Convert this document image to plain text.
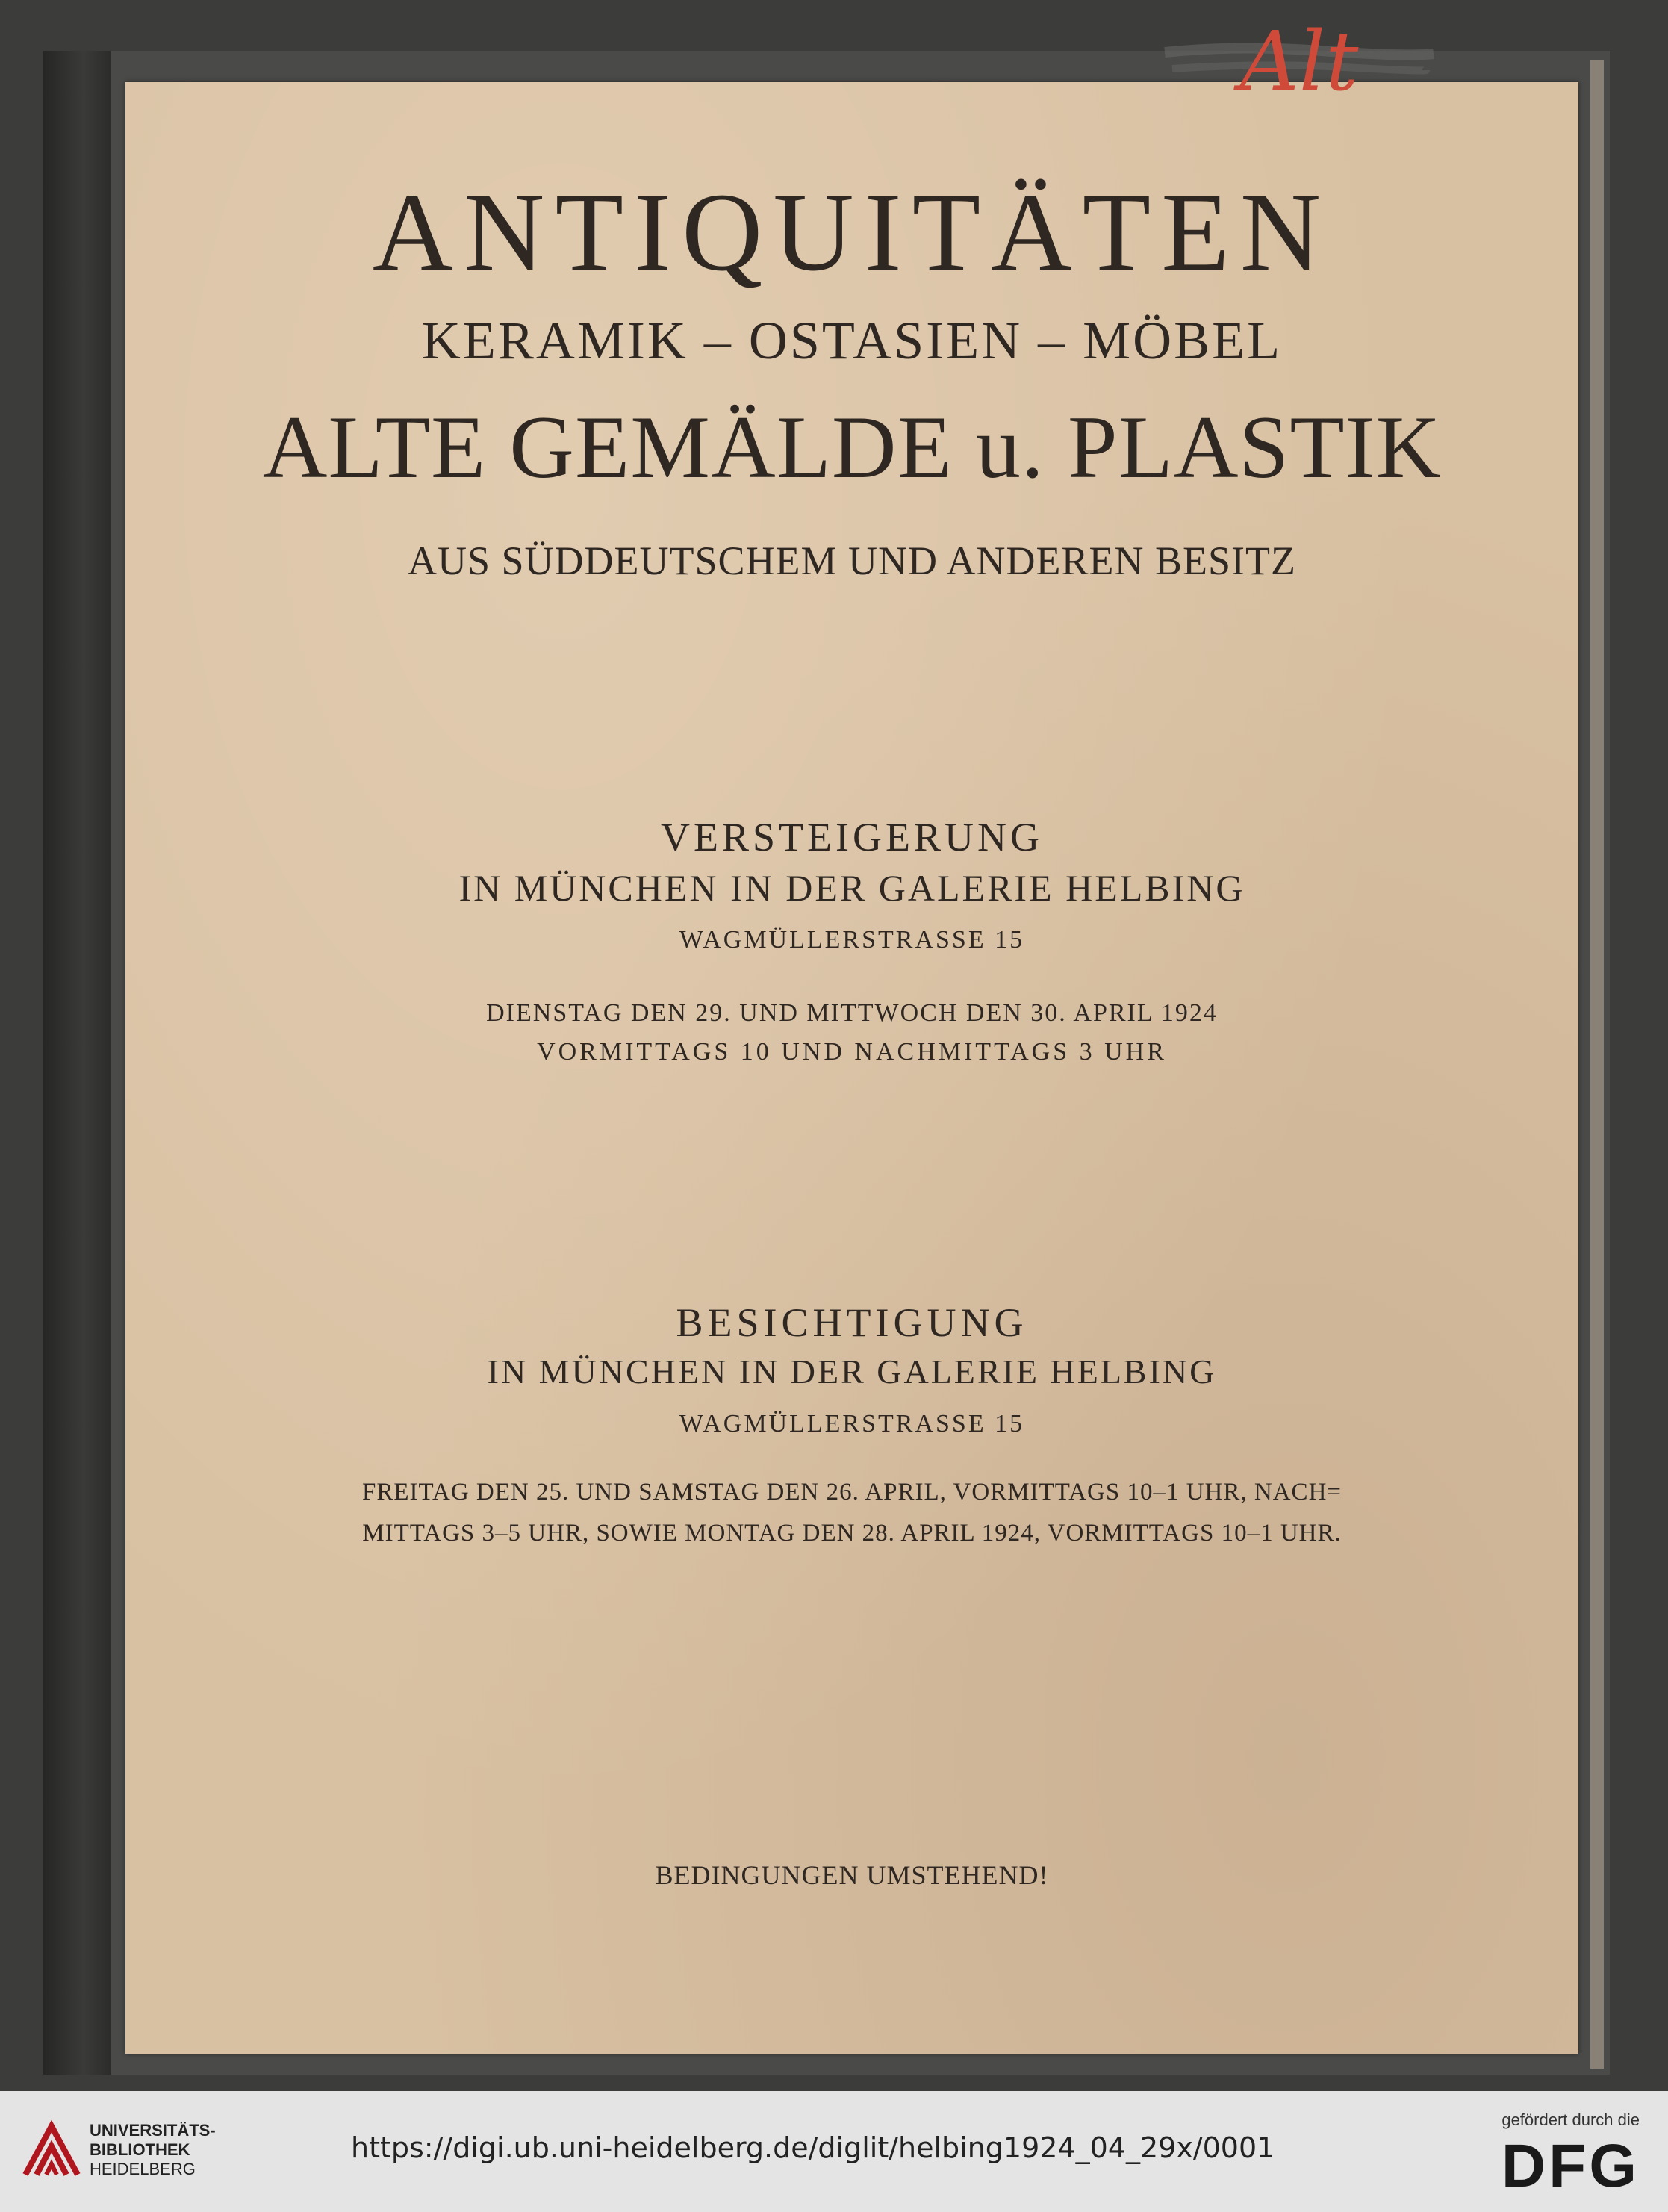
ANTIQUITÄTEN
KERAMIK – OSTASIEN – MÖBEL
ALTE GEMÄLDE u. PLASTIK
AUS SÜDDEUTSCHEM UND ANDEREN BESITZ
VERSTEIGERUNG
IN MÜNCHEN IN DER GALERIE HELBING
WAGMÜLLERSTRASSE 15
DIENSTAG DEN 29. UND MITTWOCH DEN 30. APRIL 1924
VORMITTAGS 10 UND NACHMITTAGS 3 UHR
BESICHTIGUNG
IN MÜNCHEN IN DER GALERIE HELBING
WAGMÜLLERSTRASSE 15
FREITAG DEN 25. UND SAMSTAG DEN 26. APRIL, VORMITTAGS 10–1 UHR, NACH=
MITTAGS 3–5 UHR, SOWIE MONTAG DEN 28. APRIL 1924, VORMITTAGS 10–1 UHR.
BEDINGUNGEN UMSTEHEND!
Alt
UNIVERSITÄTS-
BIBLIOTHEK
HEIDELBERG
https://digi.ub.uni-heidelberg.de/diglit/helbing1924_04_29x/0001
gefördert durch die
DFG
